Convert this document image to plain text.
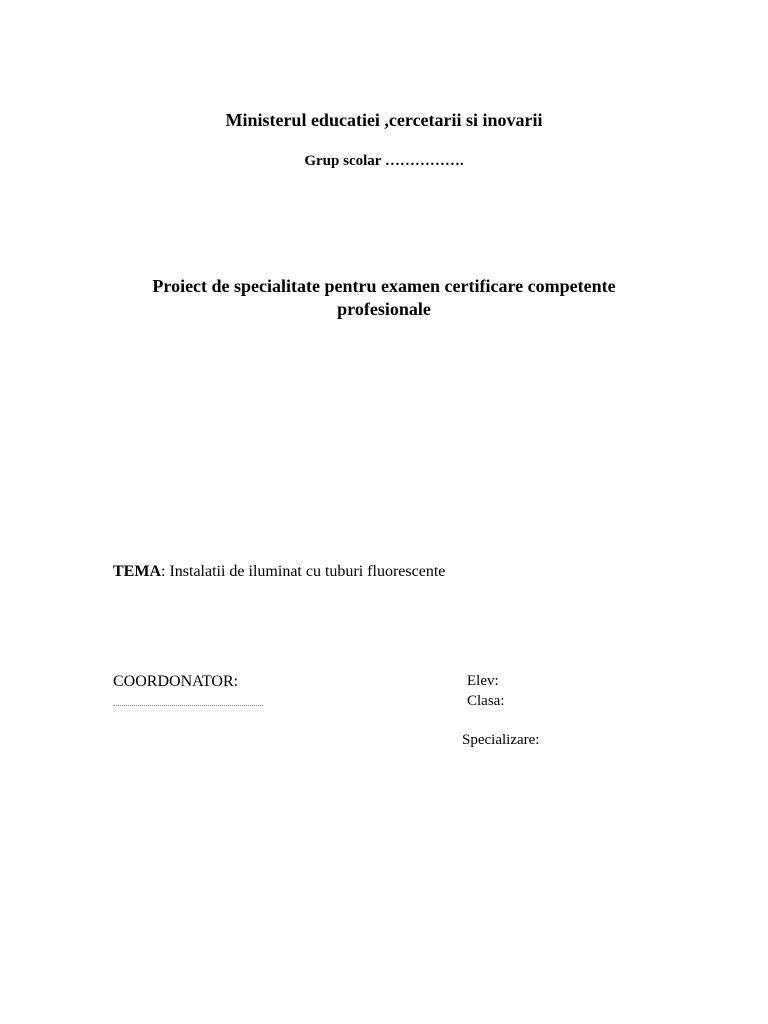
Ministerul educatiei ,cercetarii si inovarii
Grup scolar …………….
Proiect de specialitate pentru examen certificare competente profesionale
TEMA: Instalatii de iluminat cu tuburi fluorescente
COORDONATOR:	Elev:
Clasa:
Specializare:
